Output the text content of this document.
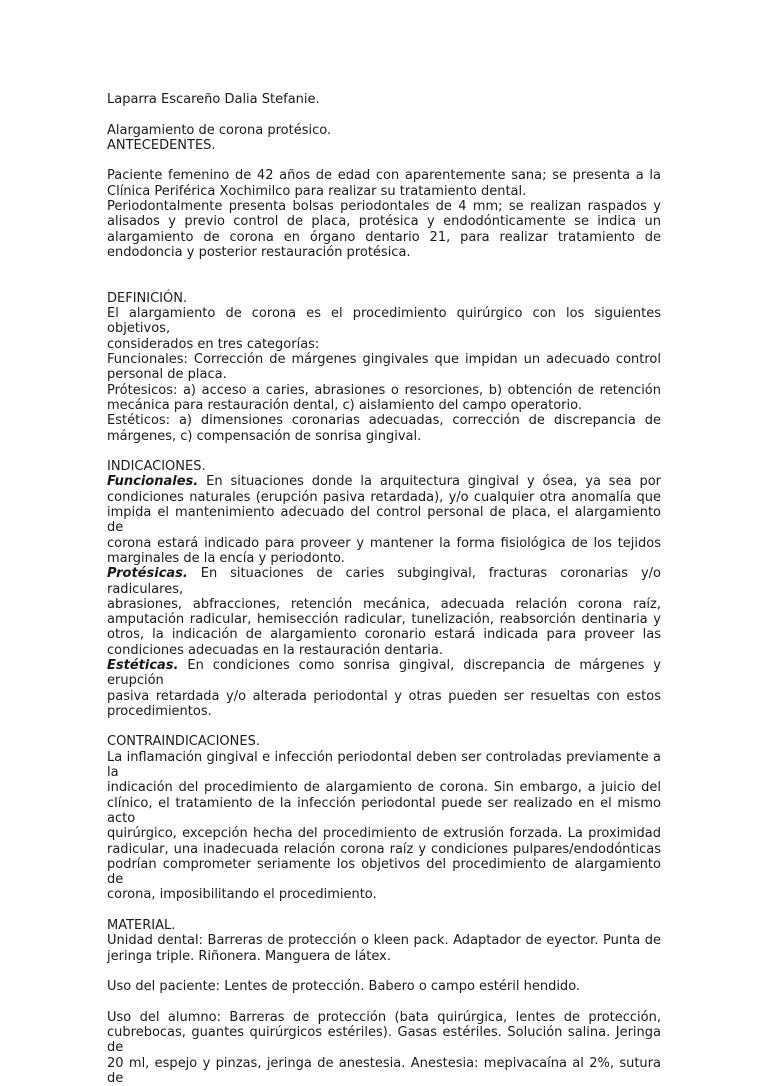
Laparra Escareño Dalia Stefanie.
Alargamiento de corona protésico.
ANTECEDENTES.
Paciente femenino de 42 años de edad con aparentemente sana; se presenta a la
Clínica Periférica Xochimilco para realizar su tratamiento dental.
Periodontalmente presenta bolsas periodontales de 4 mm; se realizan raspados y
alisados y previo control de placa, protésica y endodónticamente se indica un
alargamiento de corona en órgano dentario 21, para realizar tratamiento de
endodoncia y posterior restauración protésica.
DEFINICIÓN.
El alargamiento de corona es el procedimiento quirúrgico con los siguientes objetivos,
considerados en tres categorías:
Funcionales: Corrección de márgenes gingivales que impidan un adecuado control
personal de placa.
Prótesicos: a) acceso a caries, abrasiones o resorciones, b) obtención de retención
mecánica para restauración dental, c) aislamiento del campo operatorio.
Estéticos: a) dimensiones coronarias adecuadas, corrección de discrepancia de
márgenes, c) compensación de sonrisa gingival.
INDICACIONES.
Funcionales. En situaciones donde la arquitectura gingival y ósea, ya sea por
condiciones naturales (erupción pasiva retardada), y/o cualquier otra anomalía que
impida el mantenimiento adecuado del control personal de placa, el alargamiento de
corona estará indicado para proveer y mantener la forma fisiológica de los tejidos
marginales de la encía y periodonto.
Protésicas. En situaciones de caries subgingival, fracturas coronarias y/o radiculares,
abrasiones, abfracciones, retención mecánica, adecuada relación corona raíz,
amputación radicular, hemisección radicular, tunelización, reabsorción dentinaria y
otros, la indicación de alargamiento coronario estará indicada para proveer las
condiciones adecuadas en la restauración dentaria.
Estéticas. En condiciones como sonrisa gingival, discrepancia de márgenes y erupción
pasiva retardada y/o alterada periodontal y otras pueden ser resueltas con estos
procedimientos.
CONTRAINDICACIONES.
La inflamación gingival e infección periodontal deben ser controladas previamente a la
indicación del procedimiento de alargamiento de corona. Sin embargo, a juicio del
clínico, el tratamiento de la infección periodontal puede ser realizado en el mismo acto
quirúrgico, excepción hecha del procedimiento de extrusión forzada. La proximidad
radicular, una inadecuada relación corona raíz y condiciones pulpares/endodónticas
podrían comprometer seriamente los objetivos del procedimiento de alargamiento de
corona, imposibilitando el procedimiento.
MATERIAL.
Unidad dental: Barreras de protección o kleen pack. Adaptador de eyector. Punta de
jeringa triple. Riñonera. Manguera de látex.
Uso del paciente: Lentes de protección. Babero o campo estéril hendido.
Uso del alumno: Barreras de protección (bata quirúrgica, lentes de protección,
cubrebocas, guantes quirúrgicos estériles). Gasas estériles. Solución salina. Jeringa de
20 ml, espejo y pinzas, jeringa de anestesia. Anestesia: mepivacaína al 2%, sutura de
